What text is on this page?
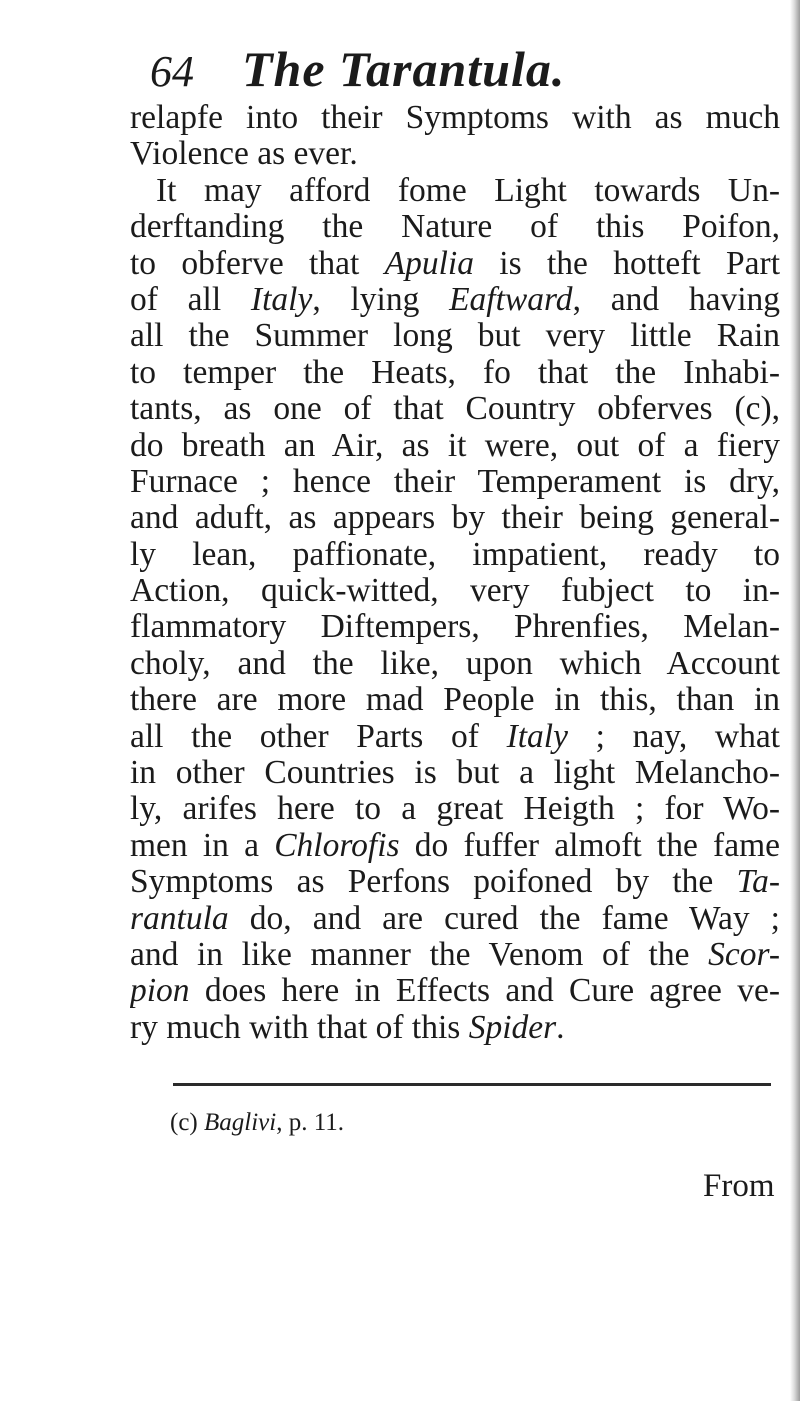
64 The Tarantula.
relapfe into their Symptoms with as much
Violence as ever.
It may afford fome Light towards Un-
derftanding the Nature of this Poifon,
to obferve that Apulia is the hotteft Part
of all Italy, lying Eaftward, and having
all the Summer long but very little Rain
to temper the Heats, fo that the Inhabi-
tants, as one of that Country obferves (c),
do breath an Air, as it were, out of a fiery
Furnace ; hence their Temperament is dry,
and aduft, as appears by their being general-
ly lean, paffionate, impatient, ready to
Action, quick-witted, very fubject to in-
flammatory Diftempers, Phrenfies, Melan-
choly, and the like, upon which Account
there are more mad People in this, than in
all the other Parts of Italy ; nay, what
in other Countries is but a light Melancho-
ly, arifes here to a great Heigth ; for Wo-
men in a Chlorofis do fuffer almoft the fame
Symptoms as Perfons poifoned by the Ta-
rantula do, and are cured the fame Way ;
and in like manner the Venom of the Scor-
pion does here in Effects and Cure agree ve-
ry much with that of this Spider.
(c) Baglivi, p. 11.
From
